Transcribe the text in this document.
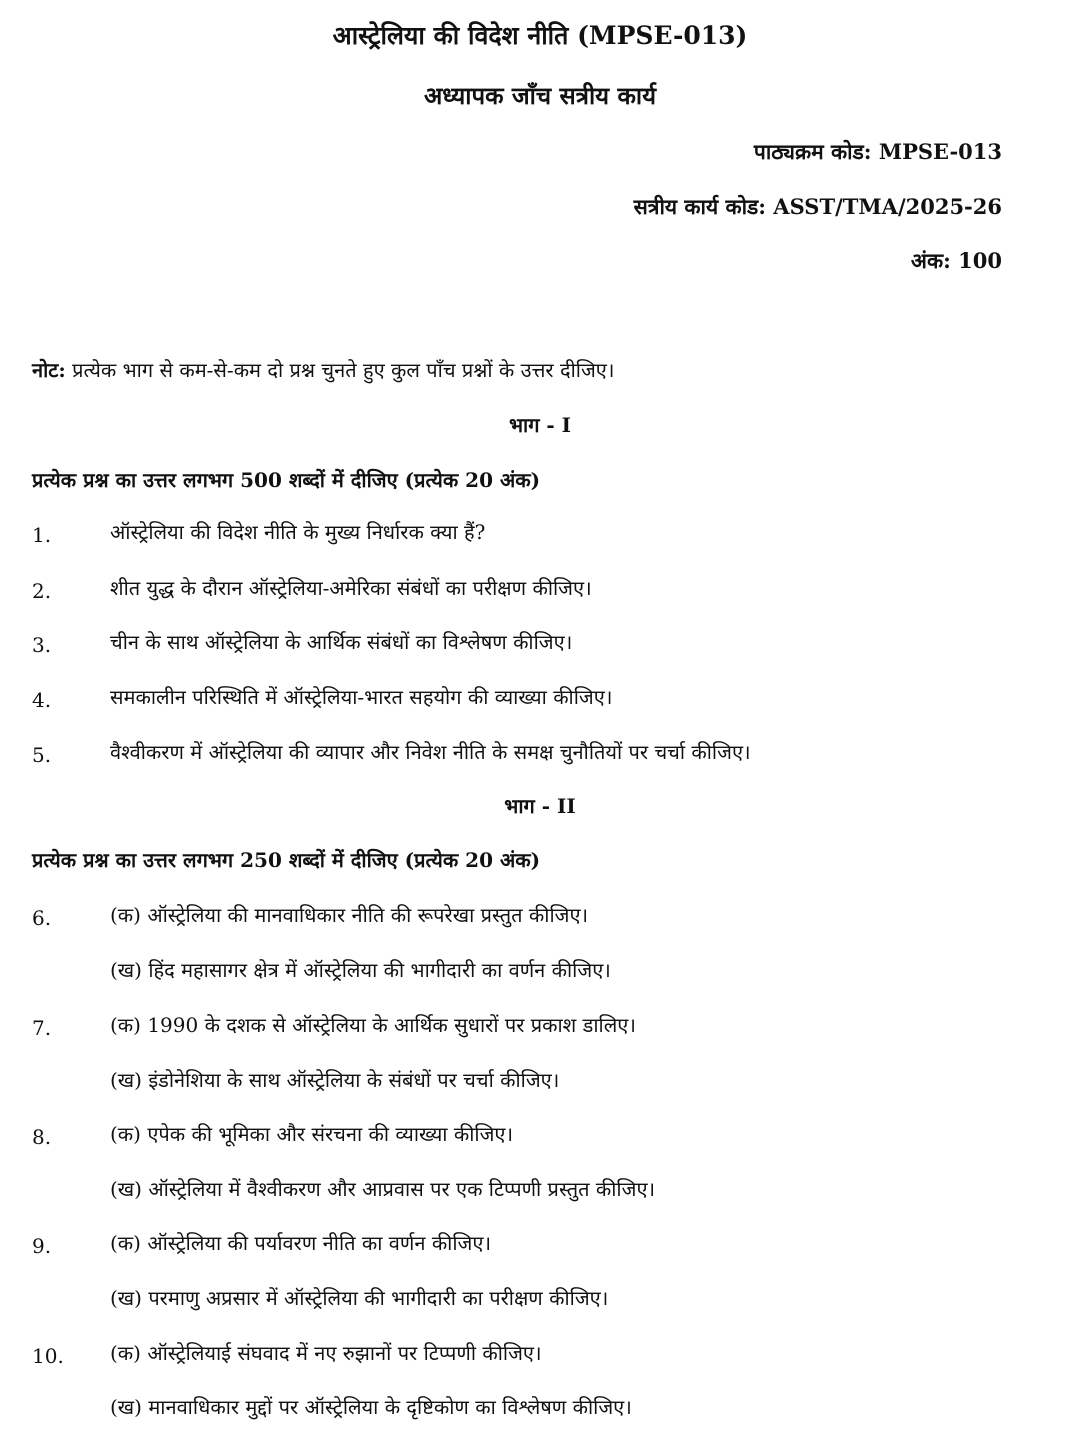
आस्ट्रेलिया की विदेश नीति (MPSE-013)
अध्यापक जाँच सत्रीय कार्य
पाठ्यक्रम कोड: MPSE-013
सत्रीय कार्य कोड: ASST/TMA/2025-26
अंक: 100
नोट: प्रत्येक भाग से कम-से-कम दो प्रश्न चुनते हुए कुल पाँच प्रश्नों के उत्तर दीजिए।
भाग - I
प्रत्येक प्रश्न का उत्तर लगभग 500 शब्दों में दीजिए (प्रत्येक 20 अंक)
1.	ऑस्ट्रेलिया की विदेश नीति के मुख्य निर्धारक क्या हैं?
2.	शीत युद्ध के दौरान ऑस्ट्रेलिया-अमेरिका संबंधों का परीक्षण कीजिए।
3.	चीन के साथ ऑस्ट्रेलिया के आर्थिक संबंधों का विश्लेषण कीजिए।
4.	समकालीन परिस्थिति में ऑस्ट्रेलिया-भारत सहयोग की व्याख्या कीजिए।
5.	वैश्वीकरण में ऑस्ट्रेलिया की व्यापार और निवेश नीति के समक्ष चुनौतियों पर चर्चा कीजिए।
भाग - II
प्रत्येक प्रश्न का उत्तर लगभग 250 शब्दों में दीजिए (प्रत्येक 20 अंक)
6.	(क) ऑस्ट्रेलिया की मानवाधिकार नीति की रूपरेखा प्रस्तुत कीजिए।
(ख) हिंद महासागर क्षेत्र में ऑस्ट्रेलिया की भागीदारी का वर्णन कीजिए।
7.	(क) 1990 के दशक से ऑस्ट्रेलिया के आर्थिक सुधारों पर प्रकाश डालिए।
(ख) इंडोनेशिया के साथ ऑस्ट्रेलिया के संबंधों पर चर्चा कीजिए।
8.	(क) एपेक की भूमिका और संरचना की व्याख्या कीजिए।
(ख) ऑस्ट्रेलिया में वैश्वीकरण और आप्रवास पर एक टिप्पणी प्रस्तुत कीजिए।
9.	(क) ऑस्ट्रेलिया की पर्यावरण नीति का वर्णन कीजिए।
(ख) परमाणु अप्रसार में ऑस्ट्रेलिया की भागीदारी का परीक्षण कीजिए।
10. (क) ऑस्ट्रेलियाई संघवाद में नए रुझानों पर टिप्पणी कीजिए।
(ख) मानवाधिकार मुद्दों पर ऑस्ट्रेलिया के दृष्टिकोण का विश्लेषण कीजिए।
